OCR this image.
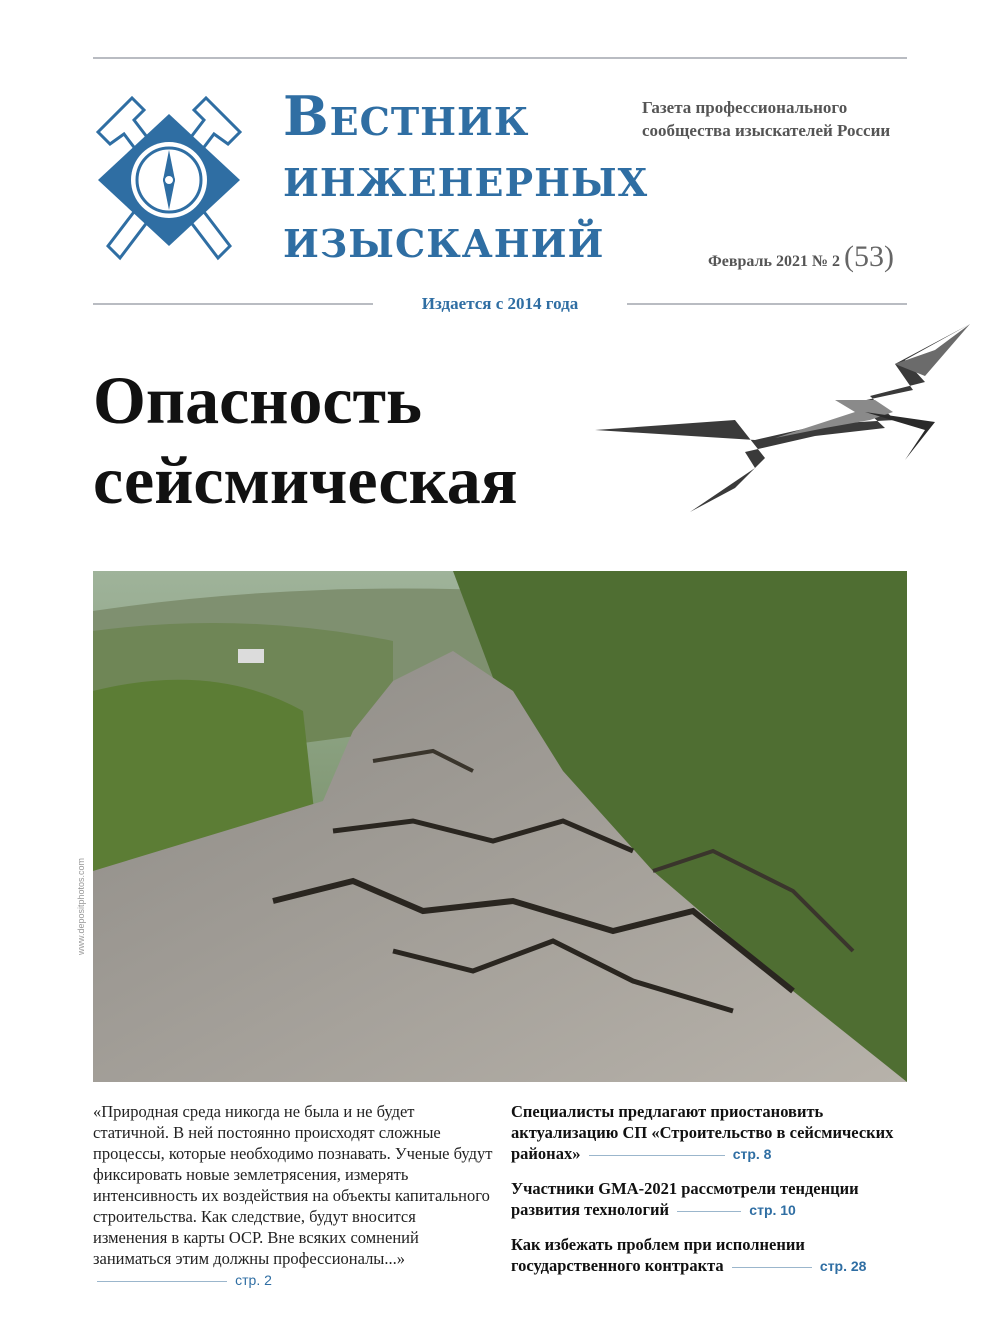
Вестник
инженерных
изысканий
Газета профессионального сообщества изыскателей России
Февраль 2021 № 2 (53)
Издается с 2014 года
Опасность
сейсмическая
www.depositphotos.com
«Природная среда никогда не была и не будет статичной. В ней постоянно происходят сложные процессы, которые необходимо познавать. Ученые будут фиксировать новые землетрясения, измерять интенсивность их воздействия на объекты капитального строительства. Как следствие, будут вносится изменения в карты ОСР. Вне всяких сомнений заниматься этим должны профессионалы...»  стр. 2
Специалисты предлагают приостановить актуализацию СП «Строительство в сейсмических районах»	стр. 8
Участники GMA-2021 рассмотрели тенденции развития технологий	стр. 10
Как избежать проблем при исполнении государственного контракта	стр. 28
